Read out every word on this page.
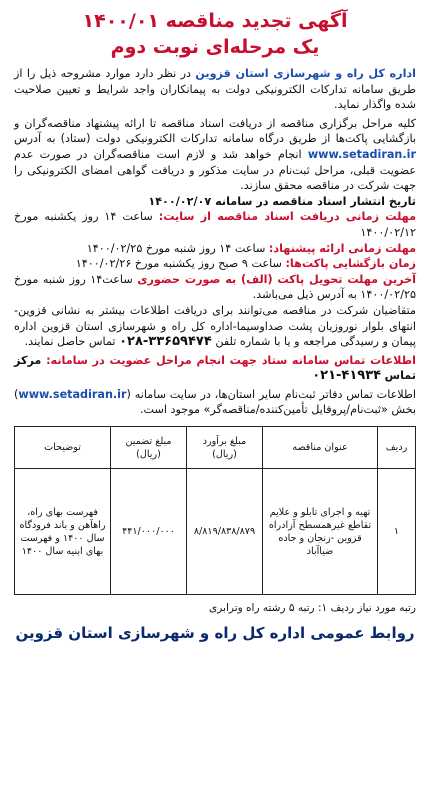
آگهی تجدید مناقصه ۱۴۰۰/۰۱
یک مرحله‌ای نوبت دوم

اداره کل راه و شهرسازی استان قزوین در نظر دارد موارد مشروحه ذیل را از طریق سامانه تدارکات الکترونیکی دولت به پیمانکاران واجد شرایط و تعیین صلاحیت شده واگذار نماید.

کلیه مراحل برگزاری مناقصه از دریافت اسناد مناقصه تا ارائه پیشنهاد مناقصه‌گران و بازگشایی پاکت‌ها از طریق درگاه سامانه تدارکات الکترونیکی دولت (ستاد) به آدرس www.setadiran.ir انجام خواهد شد و لازم است مناقصه‌گران در صورت عدم عضویت قبلی، مراحل ثبت‌نام در سایت مذکور و دریافت گواهی امضای الکترونیکی را جهت شرکت در مناقصه محقق سازند.

تاریخ انتشار اسناد مناقصه در سامانه ۱۴۰۰/۰۲/۰۷

مهلت زمانی دریافت اسناد مناقصه از سایت: ساعت ۱۴ روز یکشنبه مورخ ۱۴۰۰/۰۲/۱۲

مهلت زمانی ارائه پیشنهاد: ساعت ۱۴ روز شنبه مورخ ۱۴۰۰/۰۲/۲۵

زمان بازگشایی پاکت‌ها: ساعت ۹ صبح روز یکشنبه مورخ ۱۴۰۰/۰۲/۲۶

آخرین مهلت تحویل پاکت (الف) به صورت حضوری ساعت۱۴ روز شنبه مورخ ۱۴۰۰/۰۲/۲۵ به آدرس ذیل می‌باشد.

متقاضیان شرکت در مناقصه می‌توانند برای دریافت اطلاعات بیشتر به نشانی قزوین-انتهای بلوار نوروزیان پشت صداوسیما-اداره کل راه و شهرسازی استان قزوین اداره پیمان و رسیدگی مراجعه و یا با شماره تلفن ۰۲۸-۳۳۶۵۹۴۷۴ تماس حاصل نمایند.

اطلاعات تماس سامانه ستاد جهت انجام مراحل عضویت در سامانه: مرکز تماس ۰۲۱-۴۱۹۳۴

اطلاعات تماس دفاتر ثبت‌نام سایر استان‌ها، در سایت سامانه (www.setadiran.ir) بخش «ثبت‌نام/پروفایل تأمین‌کننده/مناقصه‌گر» موجود است.

ردیف	عنوان مناقصه	مبلغ برآورد (ریال)	مبلغ تضمین (ریال)	توضیحات
۱	تهیه و اجرای تابلو و علایم تقاطع غیرهمسطح آزادراه قزوین -زنجان و جاده ضیاآباد	۸/۸۱۹/۸۳۸/۸۷۹	۴۴۱/۰۰۰/۰۰۰	فهرست بهای راه، راهآهن و باند فرودگاه سال ۱۴۰۰ و فهرست بهای ابنیه سال ۱۴۰۰
رتبه مورد نیاز ردیف ۱: رتبه ۵ رشته راه وترابری
روابط عمومی اداره کل راه و شهرسازی استان قزوین
